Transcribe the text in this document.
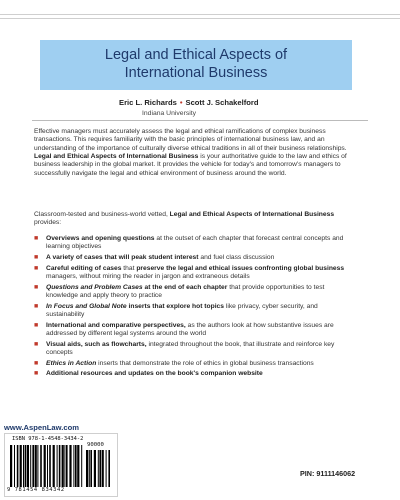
Legal and Ethical Aspects of
International Business
Eric L. Richards • Scott J. Schakelford
Indiana University
Effective managers must accurately assess the legal and ethical ramifications of complex business transactions. This requires familiarity with the basic principles of international business law, and an understanding of the importance of culturally diverse ethical traditions in all of their business relationships. Legal and Ethical Aspects of International Business is your authoritative guide to the law and ethics of business leadership in the global market. It provides the vehicle for today's and tomorrow's managers to successfully navigate the legal and ethical environment of business around the world.
Classroom-tested and business-world vetted, Legal and Ethical Aspects of International Business provides:
■ Overviews and opening questions at the outset of each chapter that forecast central concepts and learning objectives
■ A variety of cases that will peak student interest and fuel class discussion
■ Careful editing of cases that preserve the legal and ethical issues confronting global business managers, without miring the reader in jargon and extraneous details
■ Questions and Problem Cases at the end of each chapter that provide opportunities to test knowledge and apply theory to practice
■ In Focus and Global Note inserts that explore hot topics like privacy, cyber security, and sustainability
■ International and comparative perspectives, as the authors look at how substantive issues are addressed by different legal systems around the world
■ Visual aids, such as flowcharts, integrated throughout the book, that illustrate and reinforce key concepts
■ Ethics in Action inserts that demonstrate the role of ethics in global business transactions
■ Additional resources and updates on the book's companion website
www.AspenLaw.com
ISBN 978-1-4548-3434-2
90000
9 781454 834342
PIN: 9111146062
